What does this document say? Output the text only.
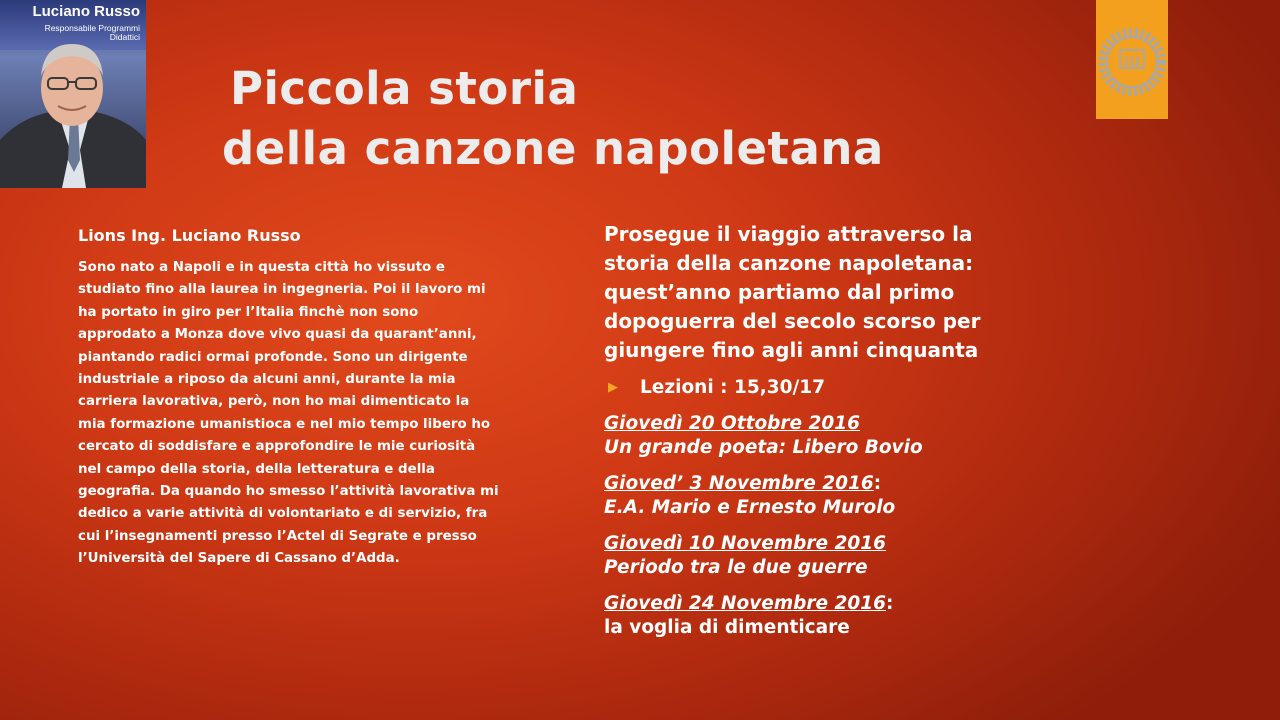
Luciano Russo
Responsabile Programmi Didattici
III
Piccola storia
della canzone napoletana

Lions Ing. Luciano Russo

Sono nato a Napoli e in questa città ho vissuto e
studiato fino alla laurea in ingegneria. Poi il lavoro mi
ha portato in giro per l’Italia finchè non sono
approdato a Monza dove vivo quasi da quarant’anni,
piantando radici ormai profonde. Sono un dirigente
industriale a riposo da alcuni anni, durante la mia
carriera lavorativa, però, non ho mai dimenticato la
mia formazione umanistioca e nel mio tempo libero ho
cercato di soddisfare e approfondire le mie curiosità
nel campo della storia, della letteratura e della
geografia. Da quando ho smesso l’attività lavorativa mi
dedico a varie attività di volontariato e di servizio, fra
cui l’insegnamenti presso l’Actel di Segrate e presso
l’Università del Sapere di Cassano d’Adda.

Prosegue il viaggio attraverso la storia della canzone napoletana: quest’anno partiamo dal primo dopoguerra del secolo scorso per giungere fino agli anni cinquanta

▶ Lezioni : 15,30/17

Giovedì 20 Ottobre 2016
Un grande poeta: Libero Bovio

Gioved’ 3 Novembre 2016:
E.A. Mario e Ernesto Murolo

Giovedì 10 Novembre 2016
Periodo tra le due guerre

Giovedì 24 Novembre 2016:
la voglia di dimenticare
